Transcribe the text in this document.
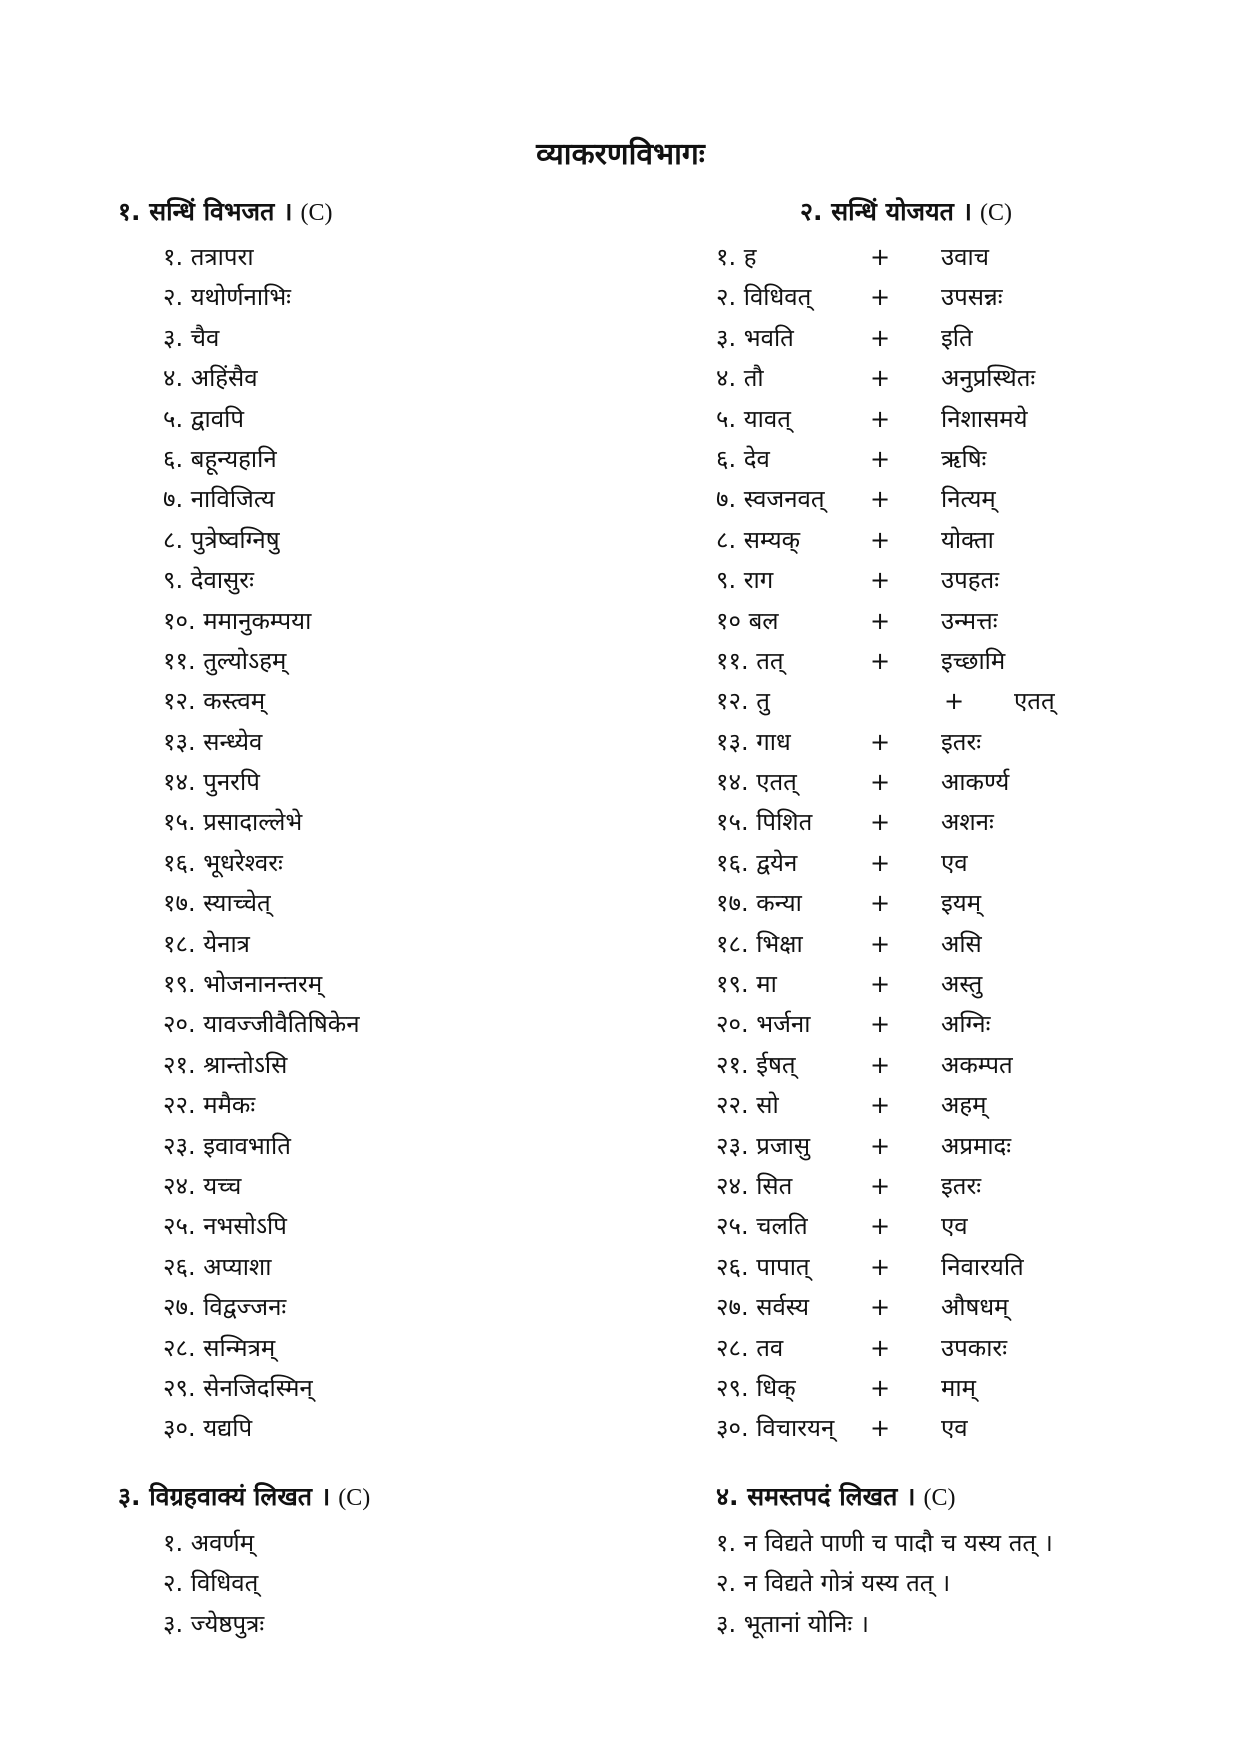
व्याकरणविभागः
१. सन्धिं विभजत । (C)
१. तत्रापरा
२. यथोर्णनाभिः
३. चैव
४. अहिंसैव
५. द्वावपि
६. बहून्यहानि
७. नाविजित्य
८. पुत्रेष्वग्निषु
९. देवासुरः
१०. ममानुकम्पया
११. तुल्योऽहम्
१२. कस्त्वम्
१३. सन्ध्येव
१४. पुनरपि
१५. प्रसादाल्लेभे
१६. भूधरेश्वरः
१७. स्याच्चेत्
१८. येनात्र
१९. भोजनानन्तरम्
२०. यावज्जीवैतिषिकेन
२१. श्रान्तोऽसि
२२. ममैकः
२३. इवावभाति
२४. यच्च
२५. नभसोऽपि
२६. अप्याशा
२७. विद्वज्जनः
२८. सन्मित्रम्
२९. सेनजिदस्मिन्
३०. यद्यपि
२. सन्धिं योजयत । (C)
१. ह	+ उवाच
२. विधिवत् + उपसन्नः
३. भवति	+ इति
४. तौ	+ अनुप्रस्थितः
५. यावत्	+ निशासमये
६. देव	+ ऋषिः
७. स्वजनवत् + नित्यम्
८. सम्यक्	+ योक्ता
९. राग	+ उपहतः
१० बल	+ उन्मत्तः
११. तत्	+ इच्छामि
१२. तु	+ एतत्
१३. गाध	+ इतरः
१४. एतत्	+ आकर्ण्य
१५. पिशित + अशनः
१६. द्वयेन	+ एव
१७. कन्या	+ इयम्
१८. भिक्षा	+ असि
१९. मा	+ अस्तु
२०. भर्जना + अग्निः
२१. ईषत्	+ अकम्पत
२२. सो	+ अहम्
२३. प्रजासु + अप्रमादः
२४. सित	+ इतरः
२५. चलति	+ एव
२६. पापात्	+ निवारयति
२७. सर्वस्य	+ औषधम्
२८. तव	+ उपकारः
२९. धिक्	+ माम्
३०. विचारयन् + एव
३. विग्रहवाक्यं लिखत । (C)
१. अवर्णम्
२. विधिवत्
३. ज्येष्ठपुत्रः
४. समस्तपदं लिखत । (C)
१. न विद्यते पाणी च पादौ च यस्य तत् ।
२. न विद्यते गोत्रं यस्य तत् ।
३. भूतानां योनिः ।
